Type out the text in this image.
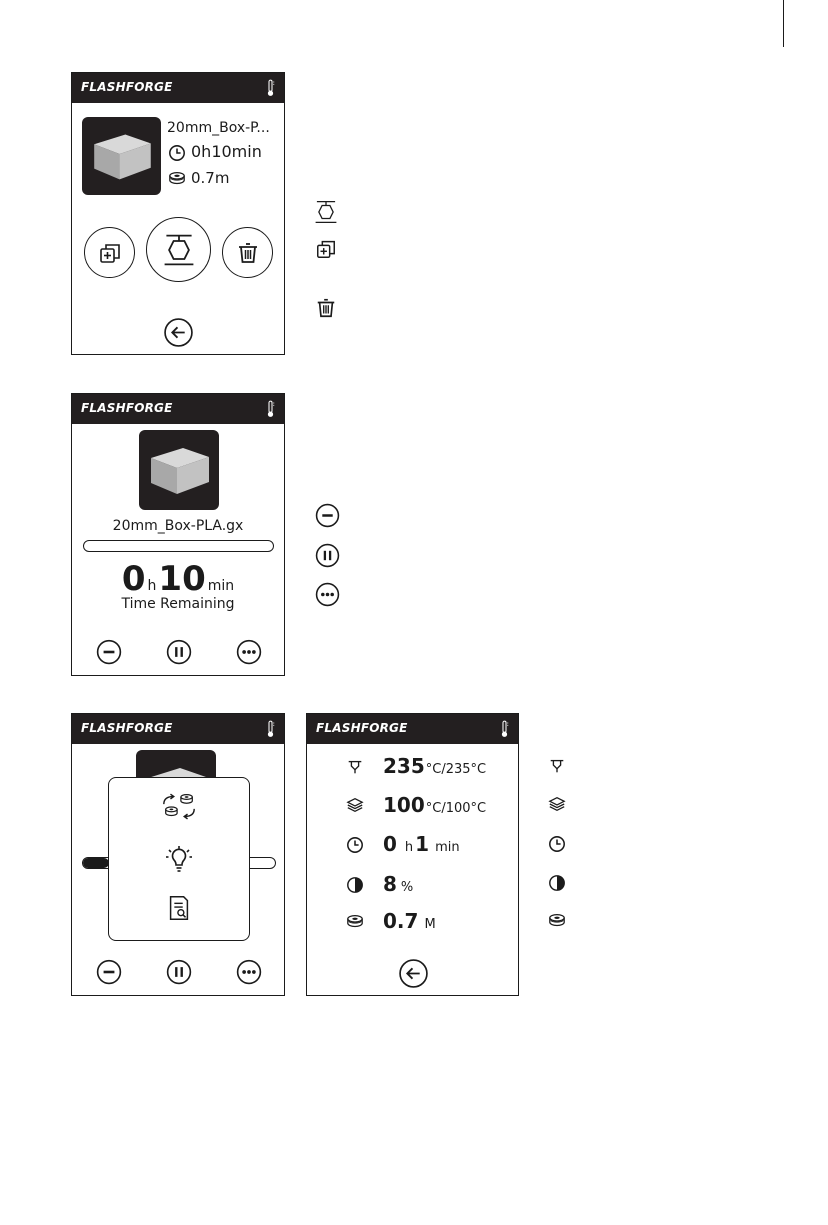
FLASHFORGE
20mm_Box-P...
0h10min
0.7m
FLASHFORGE
20mm_Box-PLA.gx
0 h10 min
Time Remaining
FLASHFORGE	FLASHFORGE
235°C/235°C
100°C/100°C
0 h 1 min
8 %
0.7 M
